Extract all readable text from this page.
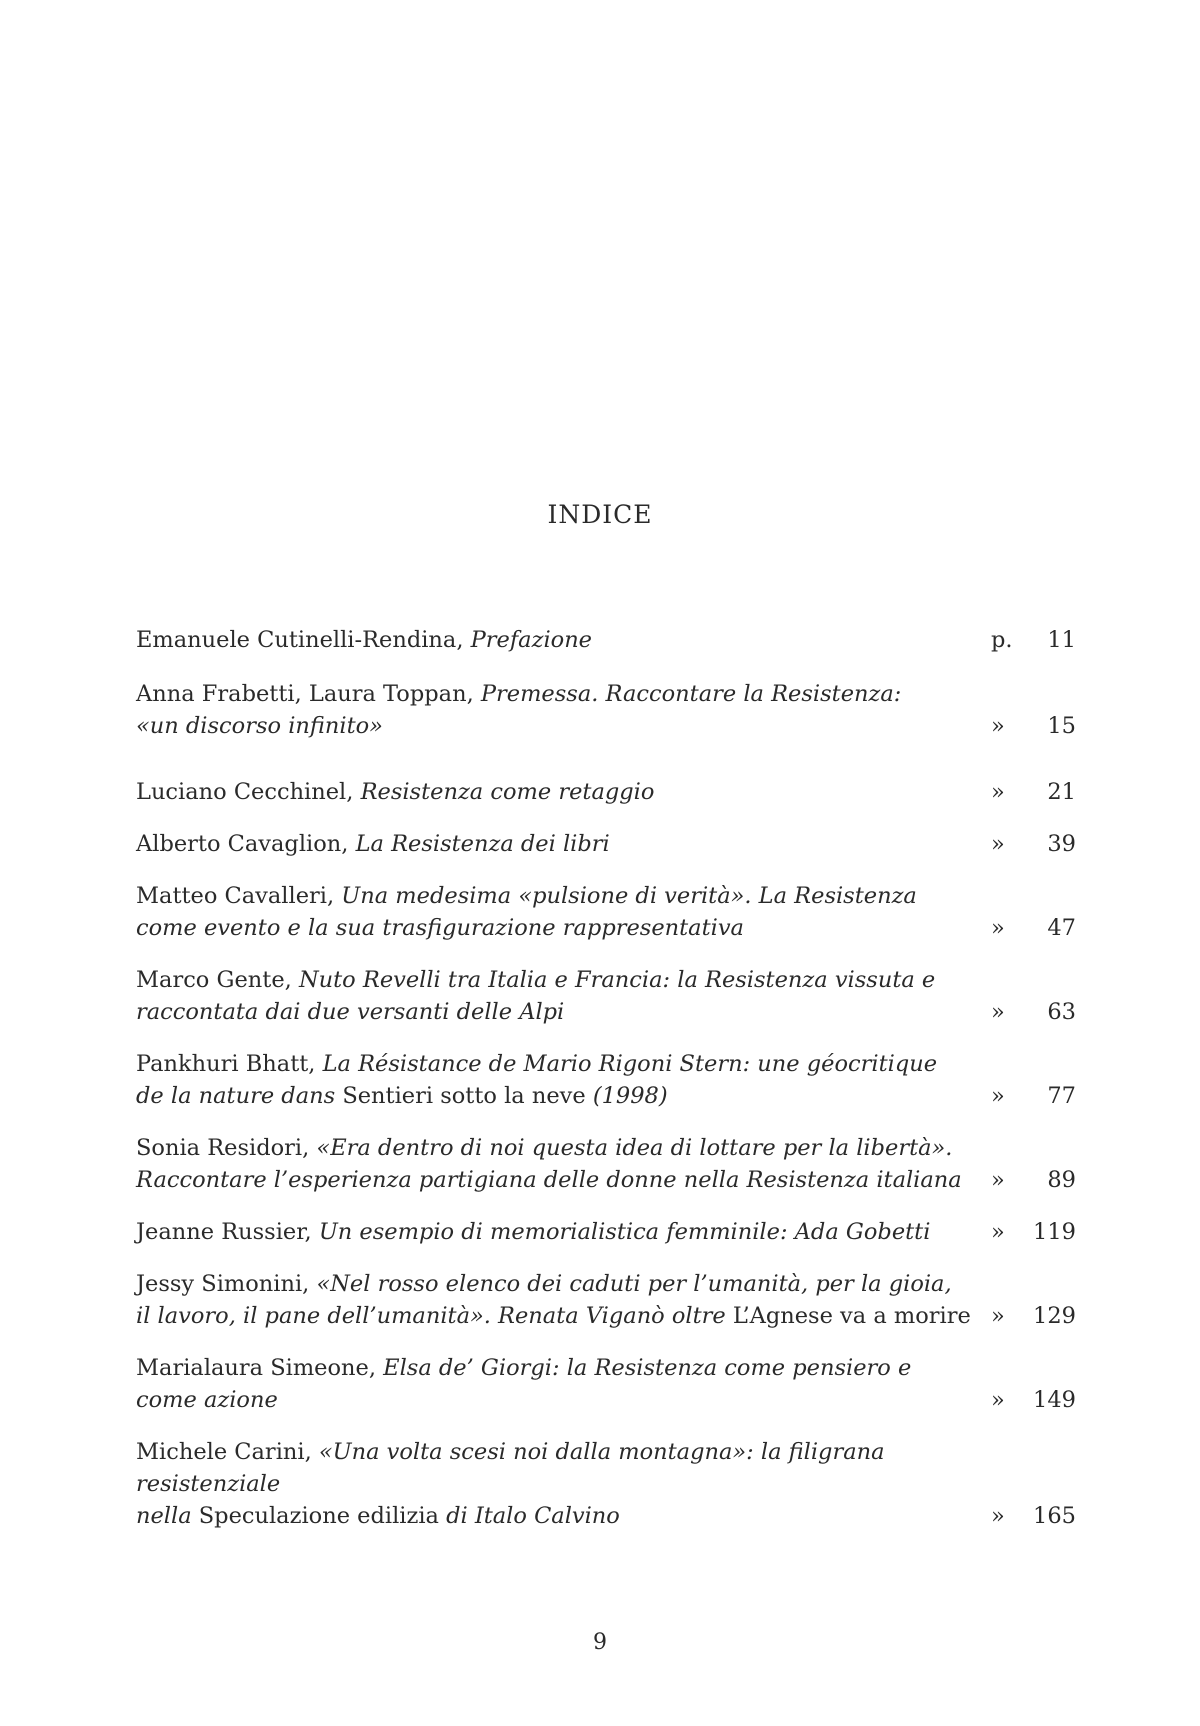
INDICE
Emanuele Cutinelli-Rendina, Prefazione	p.	11
Anna Frabetti, Laura Toppan, Premessa. Raccontare la Resistenza:
«un discorso infinito»	»	15
Luciano Cecchinel, Resistenza come retaggio	»	21
Alberto Cavaglion, La Resistenza dei libri	»	39
Matteo Cavalleri, Una medesima «pulsione di verità». La Resistenza
come evento e la sua trasfigurazione rappresentativa	»	47
Marco Gente, Nuto Revelli tra Italia e Francia: la Resistenza vissuta e
raccontata dai due versanti delle Alpi	»	63
Pankhuri Bhatt, La Résistance de Mario Rigoni Stern: une géocritique
de la nature dans Sentieri sotto la neve (1998)	»	77
Sonia Residori, «Era dentro di noi questa idea di lottare per la libertà».
Raccontare l’esperienza partigiana delle donne nella Resistenza italiana	»	89
Jeanne Russier, Un esempio di memorialistica femminile: Ada Gobetti	»	119
Jessy Simonini, «Nel rosso elenco dei caduti per l’umanità, per la gioia,
il lavoro, il pane dell’umanità». Renata Viganò oltre L’Agnese va a morire »	129
Marialaura Simeone, Elsa de’ Giorgi: la Resistenza come pensiero e
come azione	»	149
Michele Carini, «Una volta scesi noi dalla montagna»: la filigrana resistenziale
nella Speculazione edilizia di Italo Calvino	»	165
9
